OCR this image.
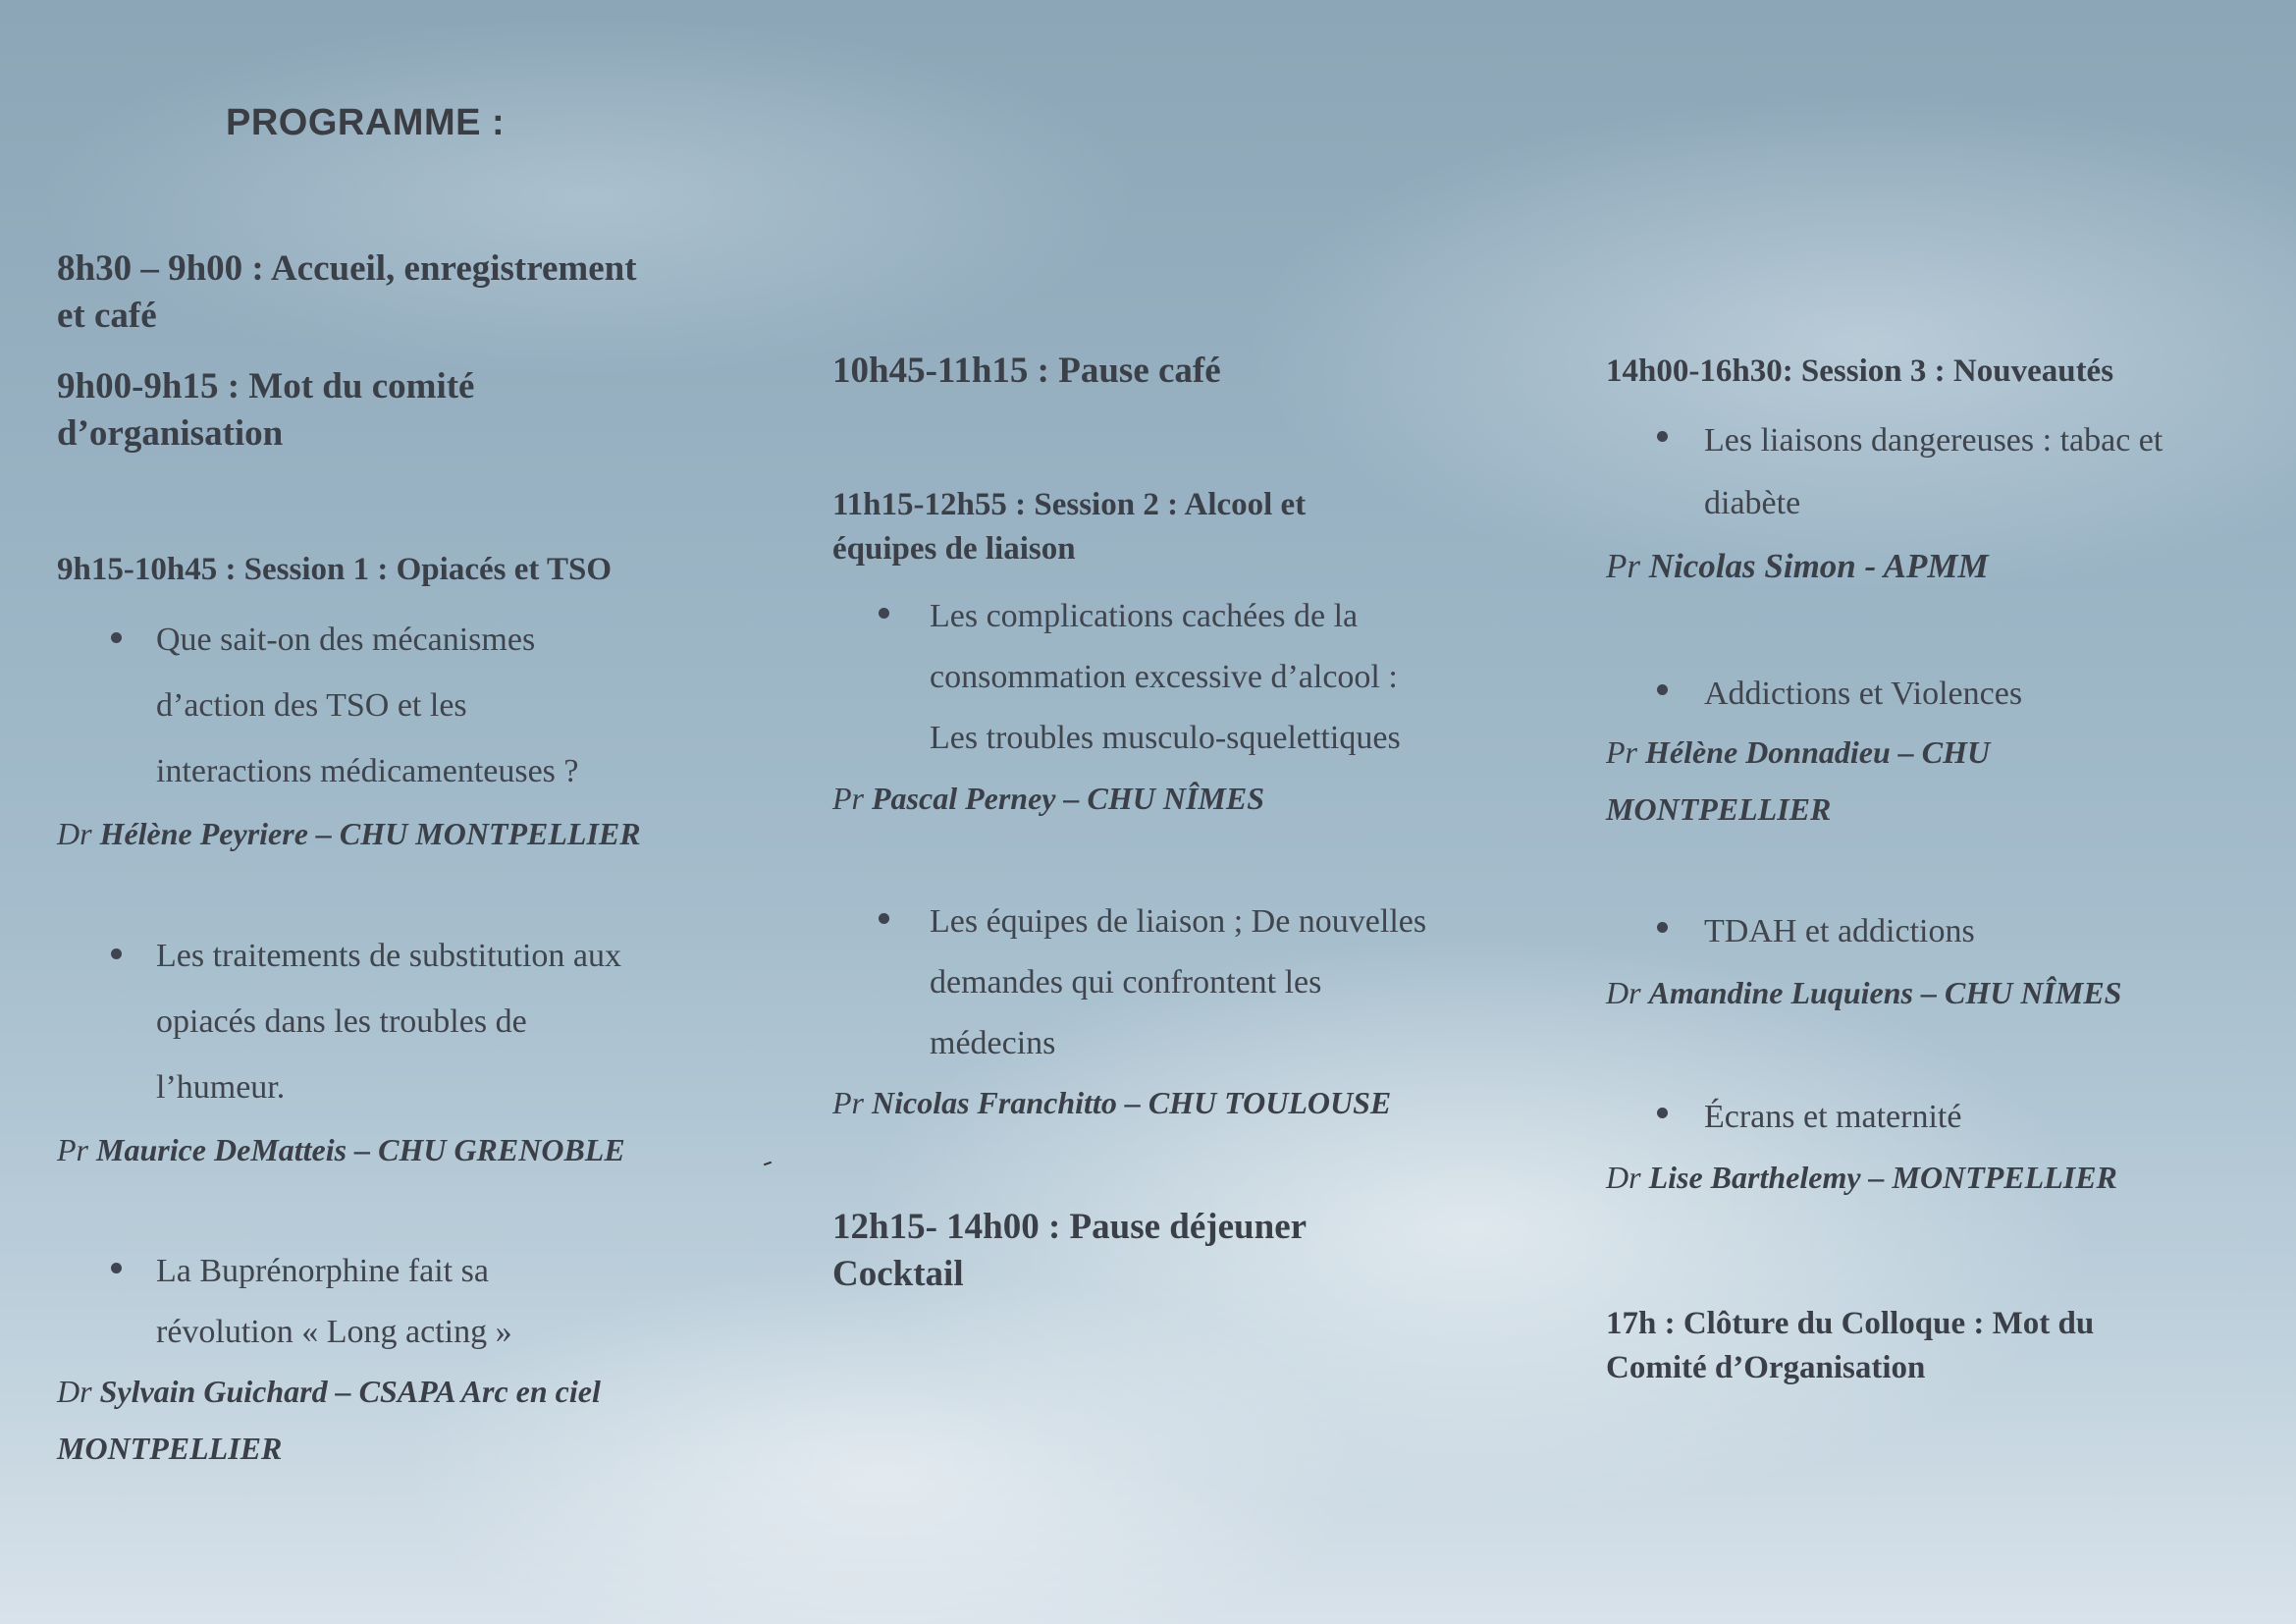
PROGRAMME :
8h30 – 9h00 : Accueil, enregistrement
et café
9h00-9h15 : Mot du comité
d’organisation
9h15-10h45 : Session 1 : Opiacés et TSO
Que sait-on des mécanismes
d’action des TSO et les
interactions médicamenteuses ?
Dr Hélène Peyriere – CHU MONTPELLIER
Les traitements de substitution aux
opiacés dans les troubles de
l’humeur.
Pr Maurice DeMatteis – CHU GRENOBLE
La Buprénorphine fait sa
révolution « Long acting »
Dr Sylvain Guichard – CSAPA Arc en ciel
MONTPELLIER
10h45-11h15 : Pause café
11h15-12h55 : Session 2 : Alcool et
équipes de liaison
Les complications cachées de la
consommation excessive d’alcool :
Les troubles musculo-squelettiques
Pr Pascal Perney – CHU NÎMES
Les équipes de liaison ; De nouvelles
demandes qui confrontent les
médecins
Pr Nicolas Franchitto – CHU TOULOUSE
12h15- 14h00 : Pause déjeuner
Cocktail
14h00-16h30: Session 3 : Nouveautés
Les liaisons dangereuses : tabac et
diabète
Pr Nicolas Simon - APMM
Addictions et Violences
Pr Hélène Donnadieu – CHU
MONTPELLIER
TDAH et addictions
Dr Amandine Luquiens – CHU NÎMES
Écrans et maternité
Dr Lise Barthelemy – MONTPELLIER
17h : Clôture du Colloque : Mot du
Comité d’Organisation
